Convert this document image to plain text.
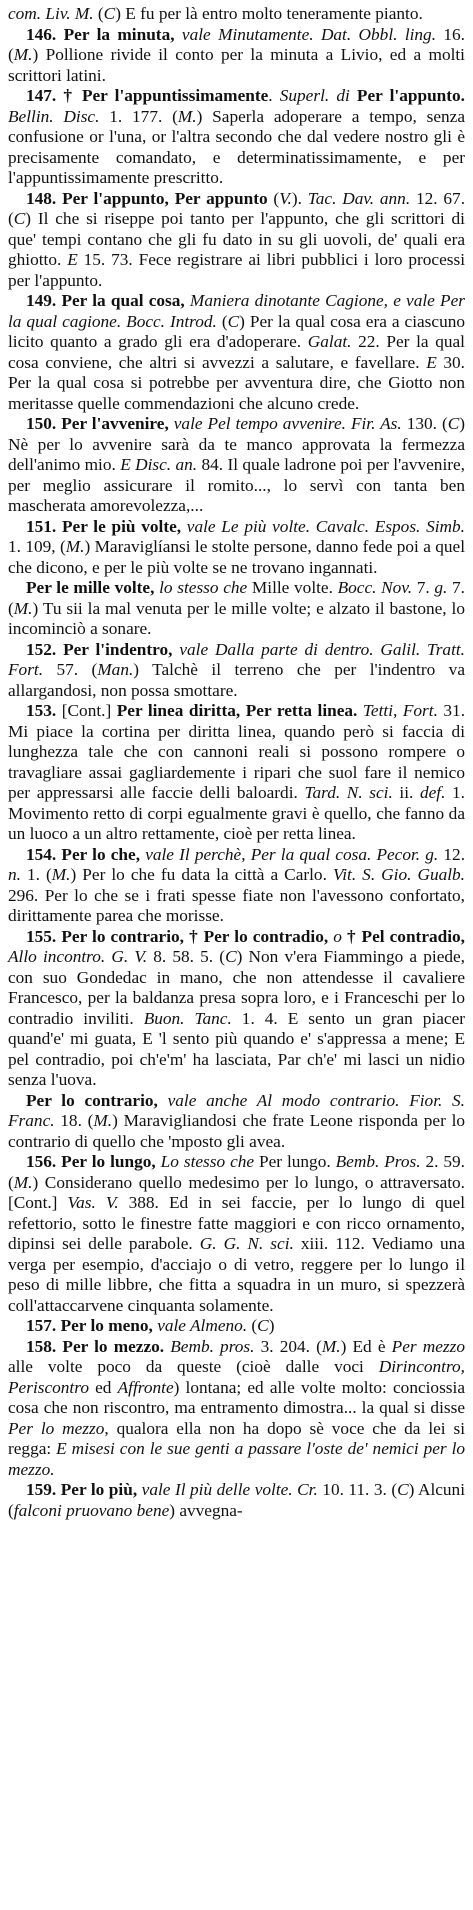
com. Liv. M. (C) E fu per là entro molto teneramente pianto.

146. Per la minuta, vale Minutamente. Dat. Obbl. ling. 16. (M.) Pollione rivide il conto per la minuta a Livio, ed a molti scrittori latini.

147. † Per l'appuntissimamente. Superl. di Per l'appunto. Bellin. Disc. 1. 177. (M.) Saperla adoperare a tempo, senza confusione or l'una, or l'altra secondo che dal vedere nostro gli è precisamente comandato, e determinatissimamente, e per l'appuntissimamente prescritto.

148. Per l'appunto, Per appunto (V.). Tac. Dav. ann. 12. 67. (C) Il che si riseppe poi tanto per l'appunto, che gli scrittori di que' tempi contano che gli fu dato in su gli uovoli, de' quali era ghiotto. E 15. 73. Fece registrare ai libri pubblici i loro processi per l'appunto.

149. Per la qual cosa, Maniera dinotante Cagione, e vale Per la qual cagione. Bocc. Introd. (C) Per la qual cosa era a ciascuno licito quanto a grado gli era d'adoperare. Galat. 22. Per la qual cosa conviene, che altri si avvezzi a salutare, e favellare. E 30. Per la qual cosa si potrebbe per avventura dire, che Giotto non meritasse quelle commendazioni che alcuno crede.

150. Per l'avvenire, vale Pel tempo avvenire. Fir. As. 130. (C) Nè per lo avvenire sarà da te manco approvata la fermezza dell'animo mio. E Disc. an. 84. Il quale ladrone poi per l'avvenire, per meglio assicurare il romito..., lo servì con tanta ben mascherata amorevolezza,...

151. Per le più volte, vale Le più volte. Cavalc. Espos. Simb. 1. 109, (M.) Maraviglíansi le stolte persone, danno fede poi a quel che dicono, e per le più volte se ne trovano ingannati.

Per le mille volte, lo stesso che Mille volte. Bocc. Nov. 7. g. 7. (M.) Tu sii la mal venuta per le mille volte; e alzato il bastone, lo incominciò a sonare.

152. Per l'indentro, vale Dalla parte di dentro. Galil. Tratt. Fort. 57. (Man.) Talchè il terreno che per l'indentro va allargandosi, non possa smottare.

153. [Cont.] Per linea diritta, Per retta linea. Tetti, Fort. 31. Mi piace la cortina per diritta linea, quando però si faccia di lunghezza tale che con cannoni reali si possono rompere o travagliare assai gagliardemente i ripari che suol fare il nemico per appressarsi alle faccie delli baloardi. Tard. N. sci. ii. def. 1. Movimento retto di corpi egualmente gravi è quello, che fanno da un luoco a un altro rettamente, cioè per retta linea.

154. Per lo che, vale Il perchè, Per la qual cosa. Pecor. g. 12. n. 1. (M.) Per lo che fu data la città a Carlo. Vit. S. Gio. Gualb. 296. Per lo che se i frati spesse fiate non l'avessono confortato, dirittamente parea che morisse.

155. Per lo contrario, † Per lo contradio, o † Pel contradio, Allo incontro. G. V. 8. 58. 5. (C) Non v'era Fiammingo a piede, con suo Gondedac in mano, che non attendesse il cavaliere Francesco, per la baldanza presa sopra loro, e i Franceschi per lo contradio inviliti. Buon. Tanc. 1. 4. E sento un gran piacer quand'e' mi guata, E 'l sento più quando e' s'appressa a mene; E pel contradio, poi ch'e'm' ha lasciata, Par ch'e' mi lasci un nidio senza l'uova.

Per lo contrario, vale anche Al modo contrario. Fior. S. Franc. 18. (M.) Maravigliandosi che frate Leone risponda per lo contrario di quello che 'mposto gli avea.

156. Per lo lungo, Lo stesso che Per lungo. Bemb. Pros. 2. 59. (M.) Considerano quello medesimo per lo lungo, o attraversato. [Cont.] Vas. V. 388. Ed in sei faccie, per lo lungo di quel refettorio, sotto le finestre fatte maggiori e con ricco ornamento, dipinsi sei delle parabole. G. G. N. sci. xiii. 112. Vediamo una verga per esempio, d'acciajo o di vetro, reggere per lo lungo il peso di mille libbre, che fitta a squadra in un muro, si spezzerà coll'attaccarvene cinquanta solamente.

157. Per lo meno, vale Almeno. (C)

158. Per lo mezzo. Bemb. pros. 3. 204. (M.) Ed è Per mezzo alle volte poco da queste (cioè dalle voci Dirincontro, Periscontro ed Affronte) lontana; ed alle volte molto: conciossia cosa che non riscontro, ma entramento dimostra... la qual si disse Per lo mezzo, qualora ella non ha dopo sè voce che da lei si regga: E misesi con le sue genti a passare l'oste de' nemici per lo mezzo.

159. Per lo più, vale Il più delle volte. Cr. 10. 11. 3. (C) Alcuni (falconi pruovano bene) avvegna-
